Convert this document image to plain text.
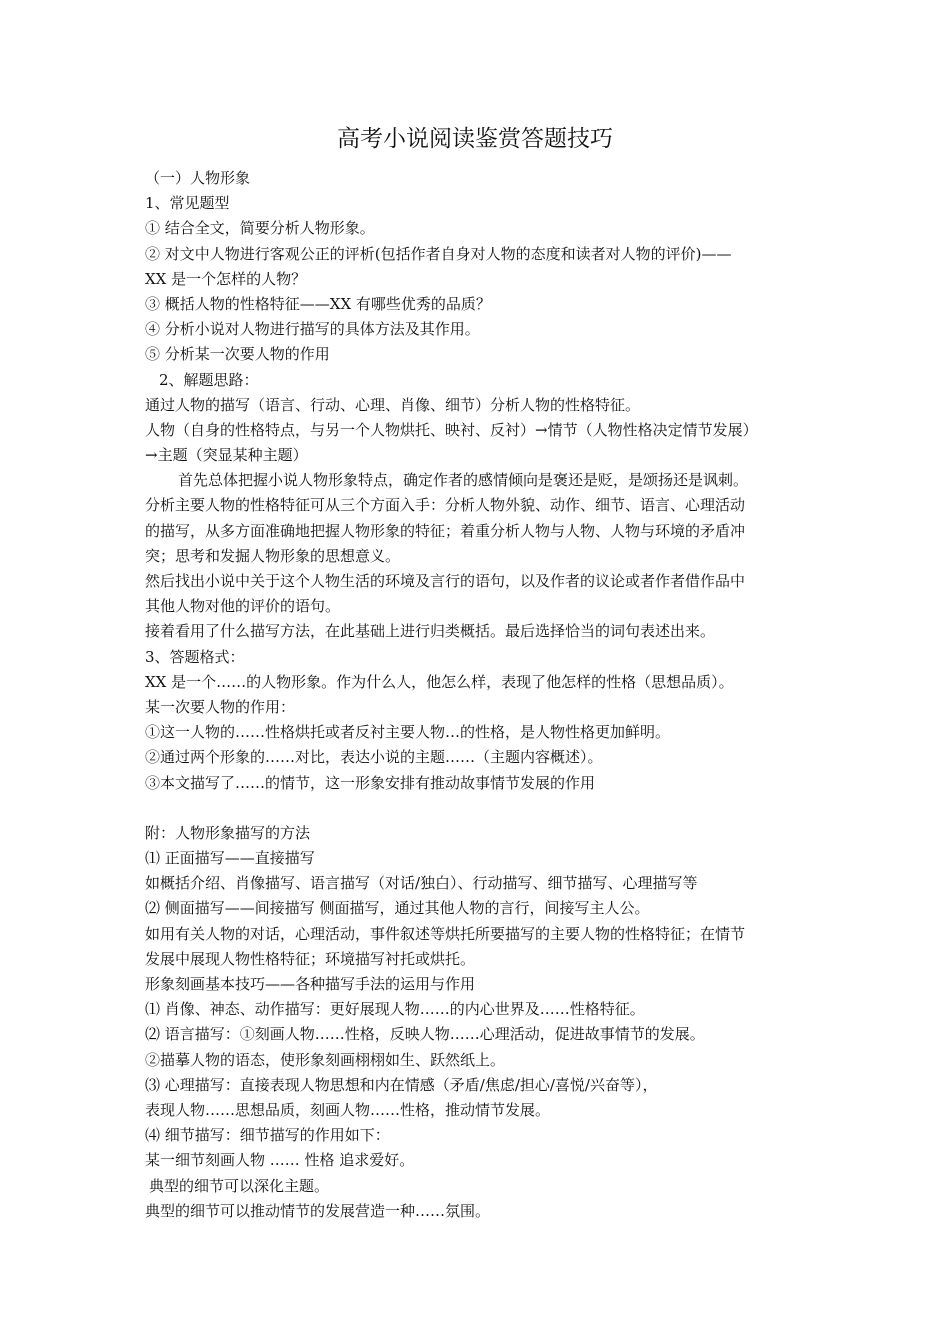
高考小说阅读鉴赏答题技巧
（一）人物形象
1、常见题型
① 结合全文，简要分析人物形象。
② 对文中人物进行客观公正的评析(包括作者自身对人物的态度和读者对人物的评价)——
XX 是一个怎样的人物？
③ 概括人物的性格特征——XX 有哪些优秀的品质？
④ 分析小说对人物进行描写的具体方法及其作用。
⑤ 分析某一次要人物的作用
2、解题思路：
通过人物的描写（语言、行动、心理、肖像、细节）分析人物的性格特征。
人物（自身的性格特点，与另一个人物烘托、映衬、反衬）→情节（人物性格决定情节发展）
→主题（突显某种主题）
首先总体把握小说人物形象特点，确定作者的感情倾向是褒还是贬，是颂扬还是讽刺。
分析主要人物的性格特征可从三个方面入手：分析人物外貌、动作、细节、语言、心理活动
的描写，从多方面准确地把握人物形象的特征；着重分析人物与人物、人物与环境的矛盾冲
突；思考和发掘人物形象的思想意义。
然后找出小说中关于这个人物生活的环境及言行的语句，以及作者的议论或者作者借作品中
其他人物对他的评价的语句。
接着看用了什么描写方法，在此基础上进行归类概括。最后选择恰当的词句表述出来。
3、答题格式：
XX 是一个……的人物形象。作为什么人，他怎么样，表现了他怎样的性格（思想品质）。
某一次要人物的作用：
①这一人物的……性格烘托或者反衬主要人物…的性格，是人物性格更加鲜明。
②通过两个形象的……对比，表达小说的主题……（主题内容概述）。
③本文描写了……的情节，这一形象安排有推动故事情节发展的作用
附：人物形象描写的方法
⑴ 正面描写——直接描写
如概括介绍、肖像描写、语言描写（对话/独白）、行动描写、细节描写、心理描写等
⑵ 侧面描写——间接描写 侧面描写，通过其他人物的言行，间接写主人公。
如用有关人物的对话，心理活动，事件叙述等烘托所要描写的主要人物的性格特征；在情节
发展中展现人物性格特征；环境描写衬托或烘托。
形象刻画基本技巧——各种描写手法的运用与作用
⑴ 肖像、神态、动作描写：更好展现人物……的内心世界及……性格特征。
⑵ 语言描写：①刻画人物……性格，反映人物……心理活动，促进故事情节的发展。
②描摹人物的语态，使形象刻画栩栩如生、跃然纸上。
⑶ 心理描写：直接表现人物思想和内在情感（矛盾/焦虑/担心/喜悦/兴奋等），
表现人物……思想品质，刻画人物……性格，推动情节发展。
⑷ 细节描写：细节描写的作用如下：
某一细节刻画人物 …… 性格 追求爱好。
典型的细节可以深化主题。
典型的细节可以推动情节的发展营造一种……氛围。
